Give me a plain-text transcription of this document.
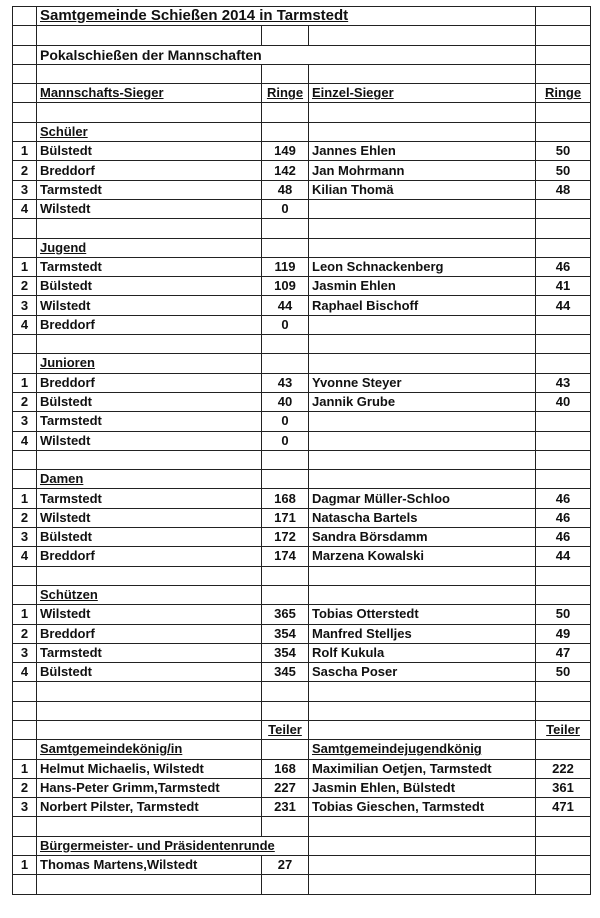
	Samtgemeinde Schießen 2014 in Tarmstedt			

	Pokalschießen der Mannschaften			

	Mannschafts-Sieger	Ringe	Einzel-Sieger	Ringe

	Schüler			
1	Bülstedt	149	Jannes Ehlen	50
2	Breddorf	142	Jan Mohrmann	50
3	Tarmstedt	48	Kilian Thomä	48
4	Wilstedt	0		

	Jugend			
1	Tarmstedt	119	Leon Schnackenberg	46
2	Bülstedt	109	Jasmin Ehlen	41
3	Wilstedt	44	Raphael Bischoff	44
4	Breddorf	0		

	Junioren			
1	Breddorf	43	Yvonne Steyer	43
2	Bülstedt	40	Jannik Grube	40
3	Tarmstedt	0		
4	Wilstedt	0		

	Damen			
1	Tarmstedt	168	Dagmar Müller-Schloo	46
2	Wilstedt	171	Natascha Bartels	46
3	Bülstedt	172	Sandra Börsdamm	46
4	Breddorf	174	Marzena Kowalski	44

	Schützen			
1	Wilstedt	365	Tobias Otterstedt	50
2	Breddorf	354	Manfred Stelljes	49
3	Tarmstedt	354	Rolf Kukula	47
4	Bülstedt	345	Sascha Poser	50

		Teiler		Teiler
	Samtgemeindekönig/in		Samtgemeindejugendkönig	
1	Helmut Michaelis, Wilstedt	168	Maximilian Oetjen, Tarmstedt	222
2	Hans-Peter Grimm,Tarmstedt	227	Jasmin Ehlen, Bülstedt	361
3	Norbert Pilster, Tarmstedt	231	Tobias Gieschen, Tarmstedt	471

	Bürgermeister- und Präsidentenrunde			
1	Thomas Martens,Wilstedt	27		
